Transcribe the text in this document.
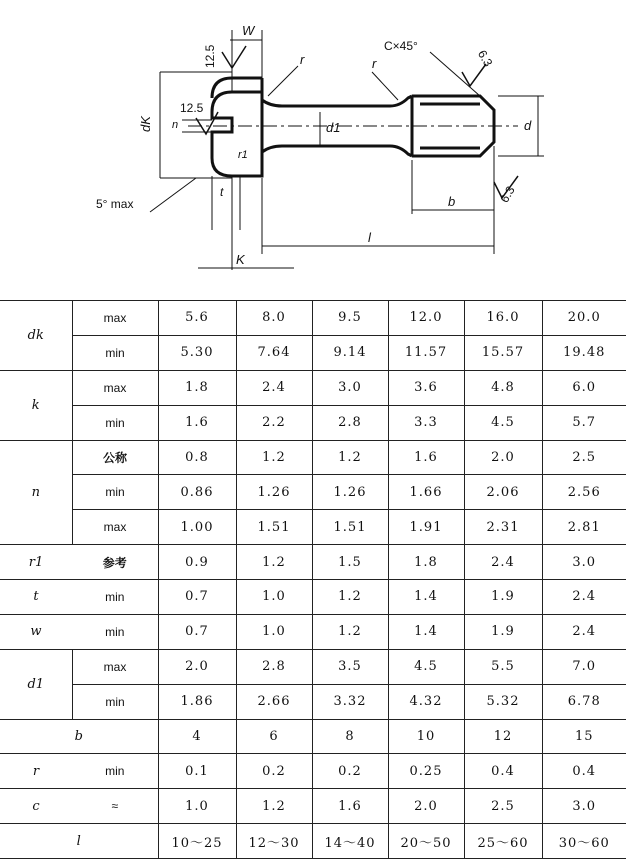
W
12.5	r	r
C×45°
6.3
dK
12.5
n
r1
d1	d
t
5° max	6.3
b
l
K
dk	max	5.6	8.0	9.5	12.0	16.0	20.0
	min	5.30	7.64	9.14	11.57	15.57	19.48
k	max	1.8	2.4	3.0	3.6	4.8	6.0
	min	1.6	2.2	2.8	3.3	4.5	5.7
n	公称	0.8	1.2	1.2	1.6	2.0	2.5
	min	0.86	1.26	1.26	1.66	2.06	2.56
	max	1.00	1.51	1.51	1.91	2.31	2.81
r1	参考	0.9	1.2	1.5	1.8	2.4	3.0
t	min	0.7	1.0	1.2	1.4	1.9	2.4
w	min	0.7	1.0	1.2	1.4	1.9	2.4
d1	max	2.0	2.8	3.5	4.5	5.5	7.0
	min	1.86	2.66	3.32	4.32	5.32	6.78
b		4	6	8	10	12	15
r	min	0.1	0.2	0.2	0.25	0.4	0.4
c	≈	1.0	1.2	1.6	2.0	2.5	3.0
l		10～25	12～30	14～40	20～50	25～60	30～60
